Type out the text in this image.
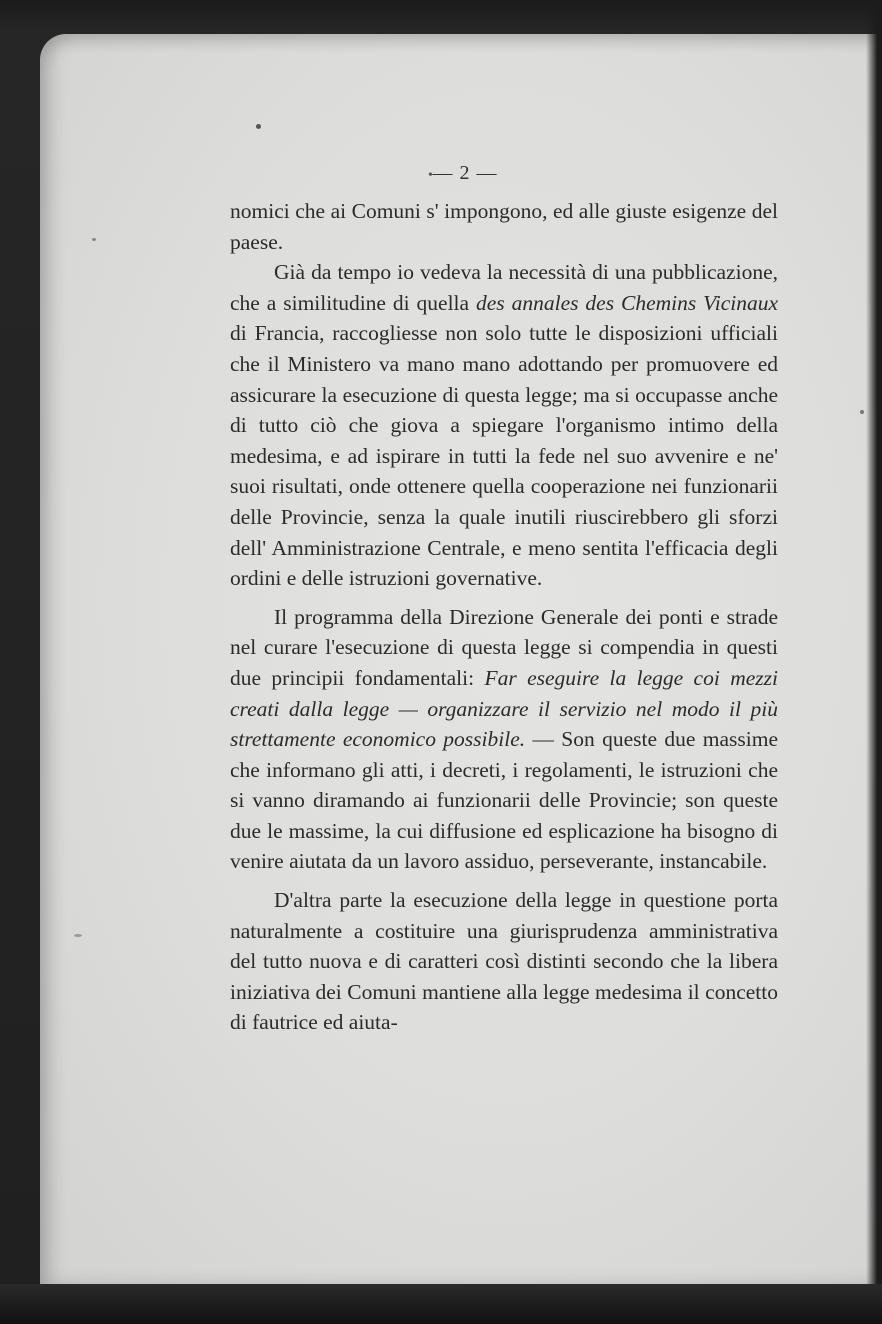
— 2 —
•

nomici che ai Comuni s' impongono, ed alle giuste esigenze del paese.

Già da tempo io vedeva la necessità di una pubblicazione, che a similitudine di quella des annales des Chemins Vicinaux di Francia, raccogliesse non solo tutte le disposizioni ufficiali che il Ministero va mano mano adottando per promuovere ed assicurare la esecuzione di questa legge; ma si occupasse anche di tutto ciò che giova a spiegare l'organismo intimo della medesima, e ad ispirare in tutti la fede nel suo avvenire e ne' suoi risultati, onde ottenere quella cooperazione nei funzionarii delle Provincie, senza la quale inutili riuscirebbero gli sforzi dell' Amministrazione Centrale, e meno sentita l'efficacia degli ordini e delle istruzioni governative.

Il programma della Direzione Generale dei ponti e strade nel curare l'esecuzione di questa legge si compendia in questi due principii fondamentali: Far eseguire la legge coi mezzi creati dalla legge — organizzare il servizio nel modo il più strettamente economico possibile. — Son queste due massime che informano gli atti, i decreti, i regolamenti, le istruzioni che si vanno diramando ai funzionarii delle Provincie; son queste due le massime, la cui diffusione ed esplicazione ha bisogno di venire aiutata da un lavoro assiduo, perseverante, instancabile.

D'altra parte la esecuzione della legge in questione porta naturalmente a costituire una giurisprudenza amministrativa del tutto nuova e di caratteri così distinti secondo che la libera iniziativa dei Comuni mantiene alla legge medesima il concetto di fautrice ed aiuta-
